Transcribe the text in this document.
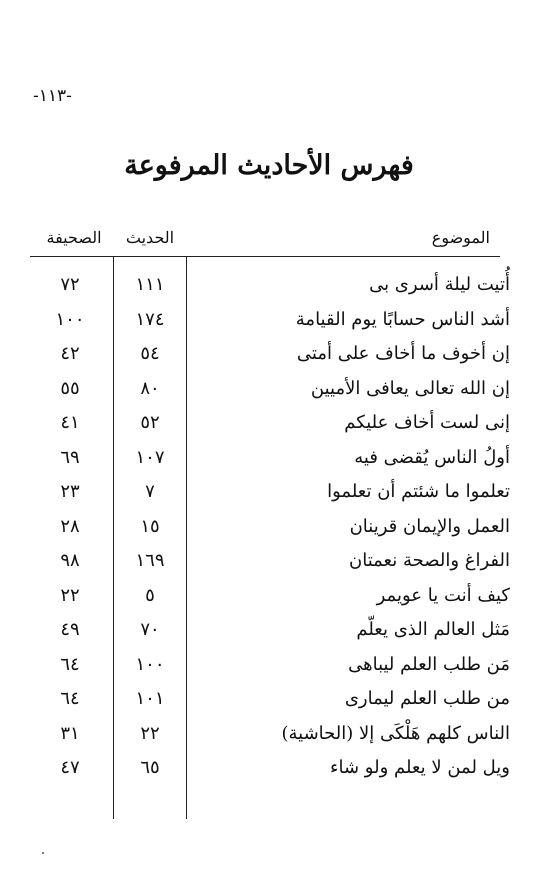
-١١٣-
فهرس الأحاديث المرفوعة
الموضوع
الحديث
الصحيفة
أُتيت ليلة أسرى بى
١١١
٧٢
أشد الناس حسابًا يوم القيامة
١٧٤
١٠٠
إن أخوف ما أخاف على أمتى
٥٤
٤٢
إن الله تعالى يعافى الأميين
٨٠
٥٥
إنى لست أخاف عليكم
٥٢
٤١
أولُ الناس يُقضى فيه
١٠٧
٦٩
تعلموا ما شئتم أن تعلموا
٧
٢٣
العمل والإيمان قرينان
١٥
٢٨
الفراغ والصحة نعمتان
١٦٩
٩٨
كيف أنت يا عويمر
٥
٢٢
مَثل العالم الذى يعلّم
٧٠
٤٩
مَن طلب العلم ليباهى
١٠٠
٦٤
من طلب العلم ليمارى
١٠١
٦٤
الناس كلهم هَلْكَى إلا (الحاشية)
٢٢
٣١
ويل لمن لا يعلم ولو شاء
٦٥
٤٧
